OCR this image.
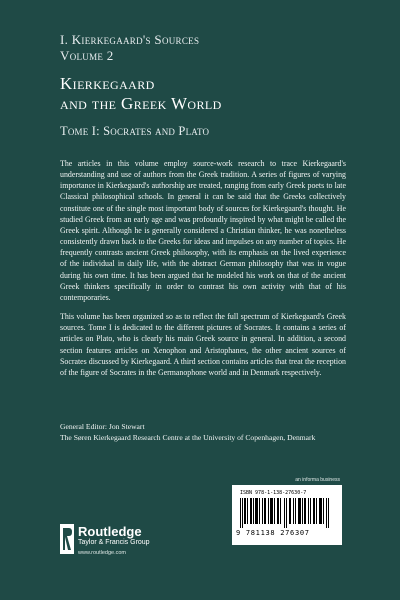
I. Kierkegaard's Sources
Volume 2
Kierkegaard
and the Greek World
Tome I: Socrates and Plato

The articles in this volume employ source-work research to trace Kierkegaard's understanding and use of authors from the Greek tradition. A series of figures of varying importance in Kierkegaard's authorship are treated, ranging from early Greek poets to late Classical philosophical schools. In general it can be said that the Greeks collectively constitute one of the single most important body of sources for Kierkegaard's thought. He studied Greek from an early age and was profoundly inspired by what might be called the Greek spirit. Although he is generally considered a Christian thinker, he was nonetheless consistently drawn back to the Greeks for ideas and impulses on any number of topics. He frequently contrasts ancient Greek philosophy, with its emphasis on the lived experience of the individual in daily life, with the abstract German philosophy that was in vogue during his own time. It has been argued that he modeled his work on that of the ancient Greek thinkers specifically in order to contrast his own activity with that of his contemporaries.

This volume has been organized so as to reflect the full spectrum of Kierkegaard's Greek sources. Tome I is dedicated to the different pictures of Socrates. It contains a series of articles on Plato, who is clearly his main Greek source in general. In addition, a second section features articles on Xenophon and Aristophanes, the other ancient sources of Socrates discussed by Kierkegaard. A third section contains articles that treat the reception of the figure of Socrates in the Germanophone world and in Denmark respectively.

General Editor: Jon Stewart
The Søren Kierkegaard Research Centre at the University of Copenhagen, Denmark
an informa business
ISBN 978-1-138-27630-7
9 781138 276307
Routledge
Taylor & Francis Group
www.routledge.com
